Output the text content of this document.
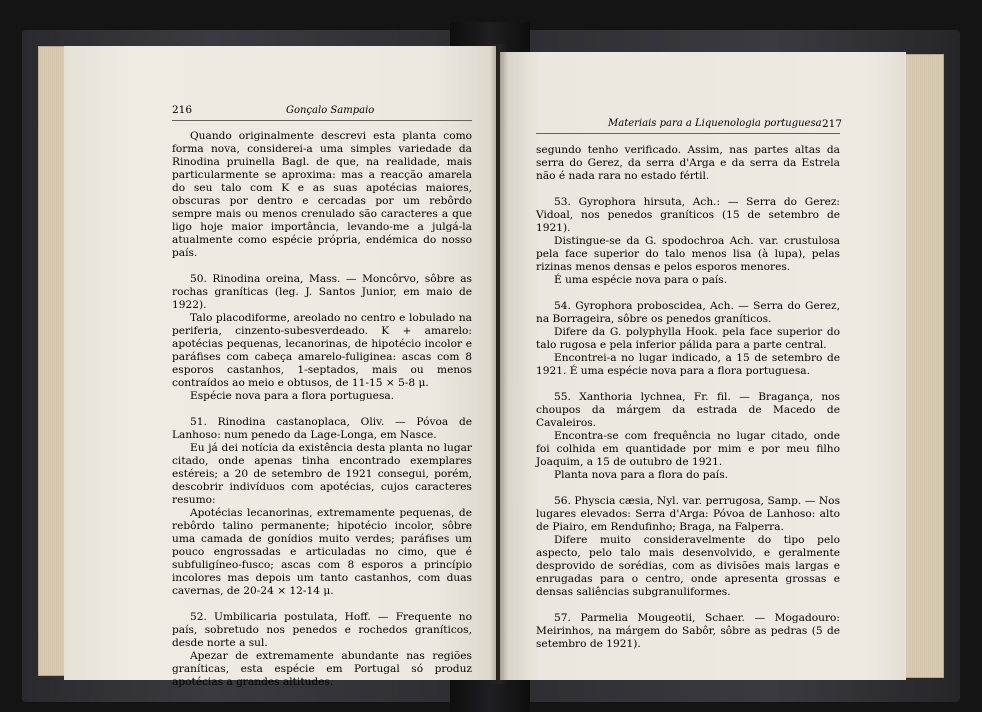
216	Gonçalo Sampaio

Quando originalmente descrevi esta planta como forma nova, considerei-a uma simples variedade da Rinodina pruinella Bagl. de que, na realidade, mais particularmente se aproxima: mas a reacção amarela do seu talo com K e as suas apotécias maiores, obscuras por dentro e cercadas por um rebôrdo sempre mais ou menos crenulado são caracteres a que ligo hoje maior importância, levando-me a julgá-la atualmente como espécie própria, endémica do nosso país.

50. Rinodina oreina, Mass. — Moncôrvo, sôbre as rochas graníticas (leg. J. Santos Junior, em maio de 1922).

Talo placodiforme, areolado no centro e lobulado na periferia, cinzento-subesverdeado. K + amarelo: apotécias pequenas, lecanorinas, de hipotécio incolor e paráfises com cabeça amarelo-fuliginea: ascas com 8 esporos castanhos, 1-septados, mais ou menos contraídos ao meio e obtusos, de 11-15 × 5-8 μ.

Espécie nova para a flora portuguesa.

51. Rinodina castanoplaca, Oliv. — Póvoa de Lanhoso: num penedo da Lage-Longa, em Nasce.

Eu já dei notícia da existência desta planta no lugar citado, onde apenas tinha encontrado exemplares estéreis; a 20 de setembro de 1921 consegui, porém, descobrir indivíduos com apotécias, cujos caracteres resumo:

Apotécias lecanorinas, extremamente pequenas, de rebôrdo talino permanente; hipotécio incolor, sôbre uma camada de gonídios muito verdes; paráfises um pouco engrossadas e articuladas no cimo, que é subfuligíneo-fusco; ascas com 8 esporos a princípio incolores mas depois um tanto castanhos, com duas cavernas, de 20-24 × 12-14 μ.

52. Umbilicaria postulata, Hoff. — Frequente no país, sobretudo nos penedos e rochedos graníticos, desde norte a sul.

Apezar de extremamente abundante nas regiões graníticas, esta espécie em Portugal só produz apotécias a grandes altitudes.

Materiais para a Liquenologia portuguesa 217

segundo tenho verificado. Assim, nas partes altas da serra do Gerez, da serra d'Arga e da serra da Estrela não é nada rara no estado fértil.

53. Gyrophora hirsuta, Ach.: — Serra do Gerez: Vidoal, nos penedos graníticos (15 de setembro de 1921).

Distingue-se da G. spodochroa Ach. var. crustulosa pela face superior do talo menos lisa (à lupa), pelas rizinas menos densas e pelos esporos menores.

É uma espécie nova para o país.

54. Gyrophora proboscidea, Ach. — Serra do Gerez, na Borrageira, sôbre os penedos graníticos.

Difere da G. polyphylla Hook. pela face superior do talo rugosa e pela inferior pálida para a parte central.

Encontrei-a no lugar indicado, a 15 de setembro de 1921. É uma espécie nova para a flora portuguesa.

55. Xanthoria lychnea, Fr. fil. — Bragança, nos choupos da márgem da estrada de Macedo de Cavaleiros.

Encontra-se com frequência no lugar citado, onde foi colhida em quantidade por mim e por meu filho Joaquim, a 15 de outubro de 1921.

Planta nova para a flora do país.

56. Physcia cæsia, Nyl. var. perrugosa, Samp. — Nos lugares elevados: Serra d'Arga: Póvoa de Lanhoso: alto de Piairo, em Rendufinho; Braga, na Falperra.

Difere muito consideravelmente do tipo pelo aspecto, pelo talo mais desenvolvido, e geralmente desprovido de sorédias, com as divisões mais largas e enrugadas para o centro, onde apresenta grossas e densas saliências subgranuliformes.

57. Parmelia Mougeotii, Schaer. — Mogadouro: Meirinhos, na márgem do Sabôr, sôbre as pedras (5 de setembro de 1921).
